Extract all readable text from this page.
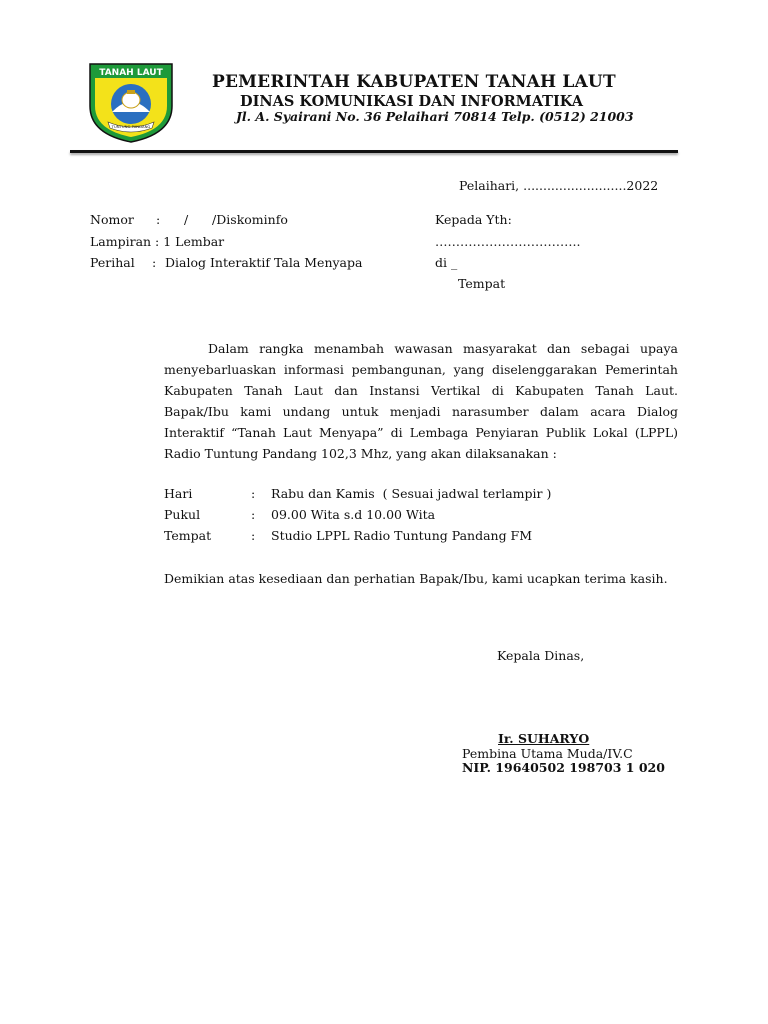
TANAH LAUT
TUNTUNG PANDANG
PEMERINTAH KABUPATEN TANAH LAUT
DINAS KOMUNIKASI DAN INFORMATIKA
Jl. A. Syairani No. 36 Pelaihari 70814 Telp. (0512) 21003
Pelaihari, ..........................2022
Nomor : /      /Diskominfo
Lampiran : 1 Lembar
Perihal : Dialog Interaktif Tala Menyapa
Kepada Yth:
……………………………..
di _
Tempat
Dalam rangka menambah wawasan masyarakat dan sebagai upaya menyebarluaskan informasi pembangunan, yang diselenggarakan Pemerintah Kabupaten Tanah Laut dan Instansi Vertikal di Kabupaten Tanah Laut. Bapak/Ibu kami undang untuk menjadi narasumber dalam acara Dialog Interaktif “Tanah Laut Menyapa” di Lembaga Penyiaran Publik Lokal (LPPL) Radio Tuntung Pandang 102,3 Mhz, yang akan dilaksanakan :
Hari	: Rabu dan Kamis  ( Sesuai jadwal terlampir )
Pukul	: 09.00 Wita s.d 10.00 Wita
Tempat	: Studio LPPL Radio Tuntung Pandang FM
Demikian atas kesediaan dan perhatian Bapak/Ibu, kami ucapkan terima kasih.
Kepala Dinas,
Ir. SUHARYO
Pembina Utama Muda/IV.C
NIP. 19640502 198703 1 020
